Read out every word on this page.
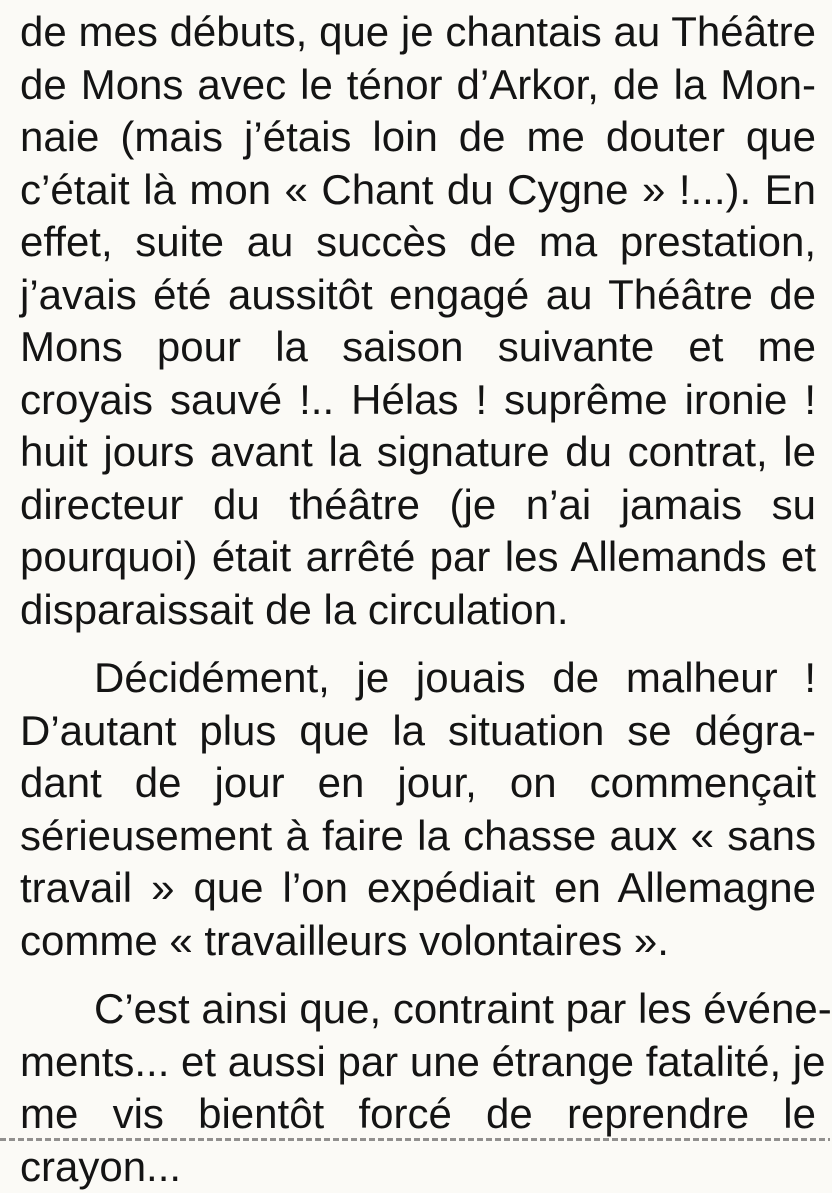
de mes débuts, que je chantais au Théâtre
de Mons avec le ténor d’Arkor, de la Mon-
naie (mais j’étais loin de me douter que
c’était là mon « Chant du Cygne » !...). En
effet, suite au succès de ma prestation,
j’avais été aussitôt engagé au Théâtre de
Mons pour la saison suivante et me
croyais sauvé !.. Hélas ! suprême ironie !
huit jours avant la signature du contrat, le
directeur du théâtre (je n’ai jamais su
pourquoi) était arrêté par les Allemands et
disparaissait de la circulation.

Décidément, je jouais de malheur !
D’autant plus que la situation se dégra-
dant de jour en jour, on commençait
sérieusement à faire la chasse aux « sans
travail » que l’on expédiait en Allemagne
comme « travailleurs volontaires ».

C’est ainsi que, contraint par les événe-
ments... et aussi par une étrange fatalité, je
me vis bientôt forcé de reprendre le
crayon...
